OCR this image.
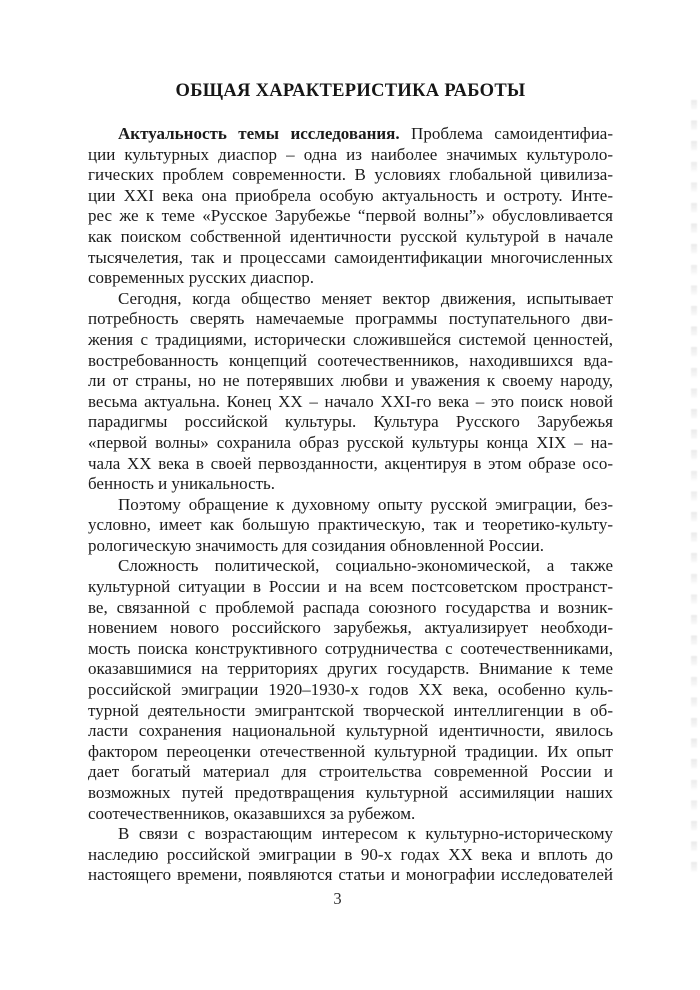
ОБЩАЯ ХАРАКТЕРИСТИКА РАБОТЫ
Актуальность темы исследования. Проблема самоидентифиа-
ции культурных диаспор – одна из наиболее значимых культуроло-
гических проблем современности. В условиях глобальной цивилиза-
ции XXI века она приобрела особую актуальность и остроту. Инте-
рес же к теме «Русское Зарубежье “первой волны”» обусловливается
как поиском собственной идентичности русской культурой в начале
тысячелетия, так и процессами самоидентификации многочисленных
современных русских диаспор.
Сегодня, когда общество меняет вектор движения, испытывает
потребность сверять намечаемые программы поступательного дви-
жения с традициями, исторически сложившейся системой ценностей,
востребованность концепций соотечественников, находившихся вда-
ли от страны, но не потерявших любви и уважения к своему народу,
весьма актуальна. Конец XX – начало XXI-го века – это поиск новой
парадигмы российской культуры. Культура Русского Зарубежья
«первой волны» сохранила образ русской культуры конца XIX – на-
чала XX века в своей первозданности, акцентируя в этом образе осо-
бенность и уникальность.
Поэтому обращение к духовному опыту русской эмиграции, без-
условно, имеет как большую практическую, так и теоретико-культу-
рологическую значимость для созидания обновленной России.
Сложность политической, социально-экономической, а также
культурной ситуации в России и на всем постсоветском пространст-
ве, связанной с проблемой распада союзного государства и возник-
новением нового российского зарубежья, актуализирует необходи-
мость поиска конструктивного сотрудничества с соотечественниками,
оказавшимися на территориях других государств. Внимание к теме
российской эмиграции 1920–1930-х годов XX века, особенно куль-
турной деятельности эмигрантской творческой интеллигенции в об-
ласти сохранения национальной культурной идентичности, явилось
фактором переоценки отечественной культурной традиции. Их опыт
дает богатый материал для строительства современной России и
возможных путей предотвращения культурной ассимиляции наших
соотечественников, оказавшихся за рубежом.
В связи с возрастающим интересом к культурно-историческому
наследию российской эмиграции в 90-х годах XX века и вплоть до
настоящего времени, появляются статьи и монографии исследователей
3
